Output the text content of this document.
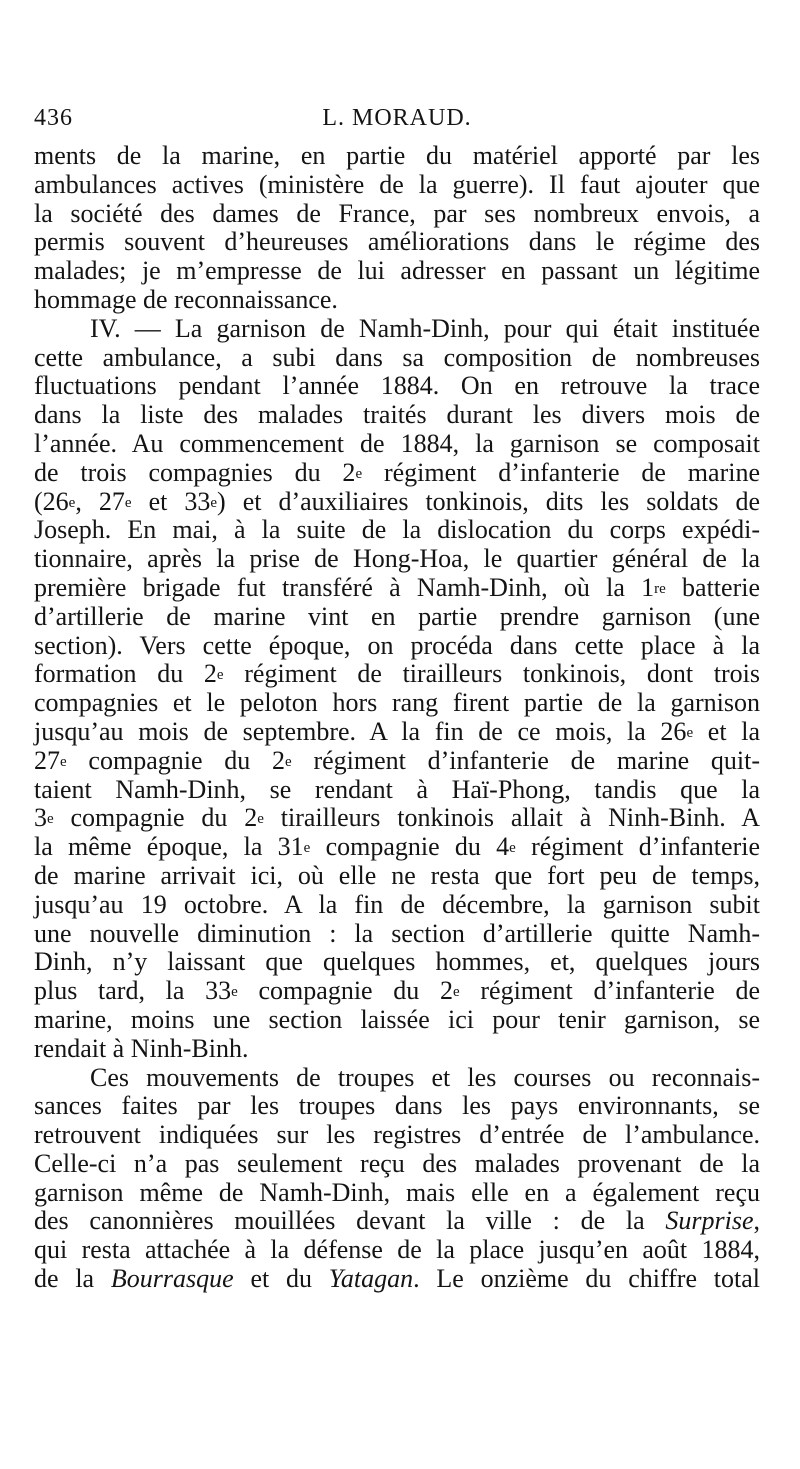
436	L. MORAUD.
ments de la marine, en partie du matériel apporté par les
ambulances actives (ministère de la guerre). Il faut ajouter que
la société des dames de France, par ses nombreux envois, a
permis souvent d’heureuses améliorations dans le régime des
malades; je m’empresse de lui adresser en passant un légitime
hommage de reconnaissance.
IV. — La garnison de Namh-Dinh, pour qui était instituée
cette ambulance, a subi dans sa composition de nombreuses
fluctuations pendant l’année 1884. On en retrouve la trace
dans la liste des malades traités durant les divers mois de
l’année. Au commencement de 1884, la garnison se composait
de trois compagnies du 2e régiment d’infanterie de marine
(26e, 27e et 33e) et d’auxiliaires tonkinois, dits les soldats de
Joseph. En mai, à la suite de la dislocation du corps expédi-
tionnaire, après la prise de Hong-Hoa, le quartier général de la
première brigade fut transféré à Namh-Dinh, où la 1re batterie
d’artillerie de marine vint en partie prendre garnison (une
section). Vers cette époque, on procéda dans cette place à la
formation du 2e régiment de tirailleurs tonkinois, dont trois
compagnies et le peloton hors rang firent partie de la garnison
jusqu’au mois de septembre. A la fin de ce mois, la 26e et la
27e compagnie du 2e régiment d’infanterie de marine quit-
taient Namh-Dinh, se rendant à Haï-Phong, tandis que la
3e compagnie du 2e tirailleurs tonkinois allait à Ninh-Binh. A
la même époque, la 31e compagnie du 4e régiment d’infanterie
de marine arrivait ici, où elle ne resta que fort peu de temps,
jusqu’au 19 octobre. A la fin de décembre, la garnison subit
une nouvelle diminution : la section d’artillerie quitte Namh-
Dinh, n’y laissant que quelques hommes, et, quelques jours
plus tard, la 33e compagnie du 2e régiment d’infanterie de
marine, moins une section laissée ici pour tenir garnison, se
rendait à Ninh-Binh.
Ces mouvements de troupes et les courses ou reconnais-
sances faites par les troupes dans les pays environnants, se
retrouvent indiquées sur les registres d’entrée de l’ambulance.
Celle-ci n’a pas seulement reçu des malades provenant de la
garnison même de Namh-Dinh, mais elle en a également reçu
des canonnières mouillées devant la ville : de la Surprise,
qui resta attachée à la défense de la place jusqu’en août 1884,
de la Bourrasque et du Yatagan. Le onzième du chiffre total
